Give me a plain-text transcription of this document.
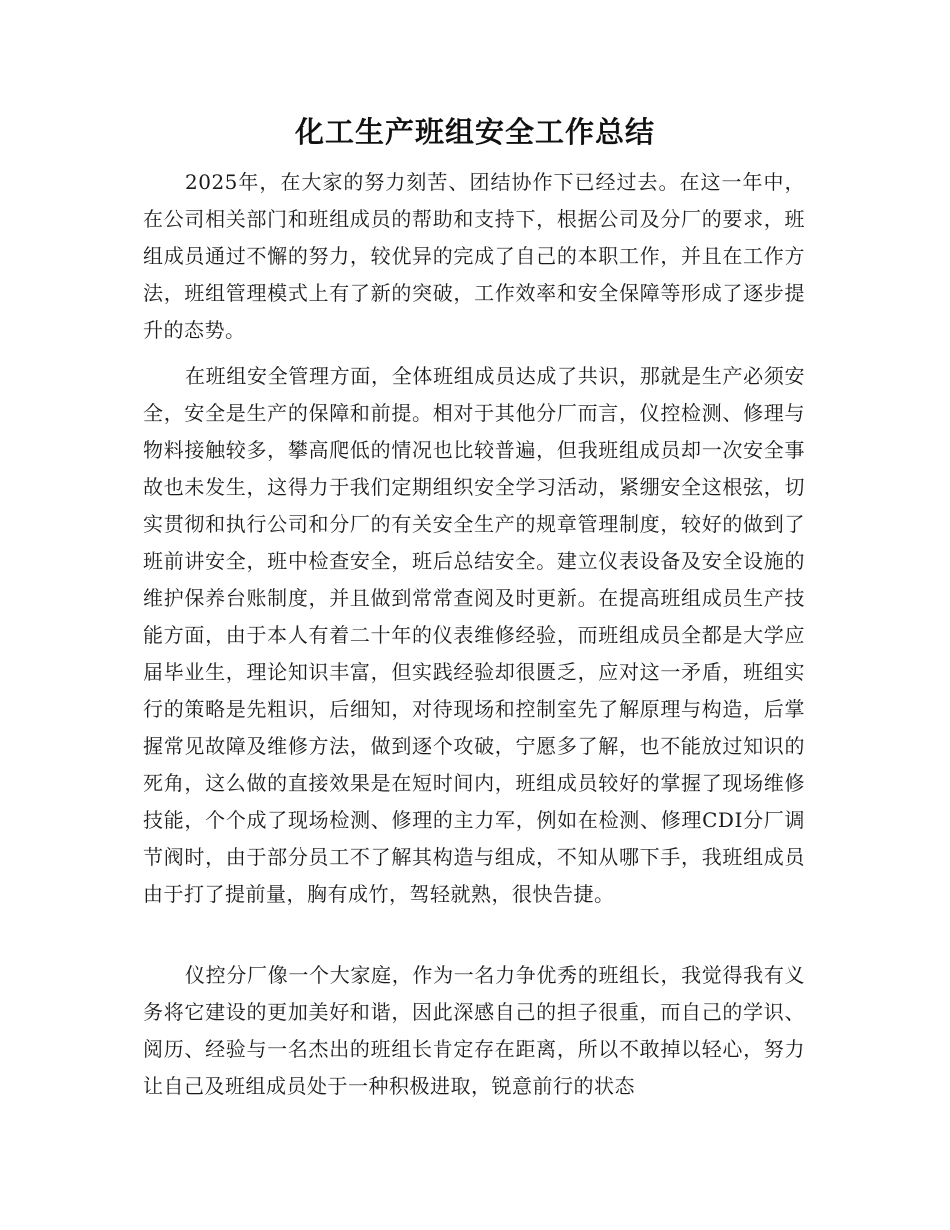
化工生产班组安全工作总结

2025年，在大家的努力刻苦、团结协作下已经过去。在这一年中，在公司相关部门和班组成员的帮助和支持下，根据公司及分厂的要求，班组成员通过不懈的努力，较优异的完成了自己的本职工作，并且在工作方法，班组管理模式上有了新的突破，工作效率和安全保障等形成了逐步提升的态势。

在班组安全管理方面，全体班组成员达成了共识，那就是生产必须安全，安全是生产的保障和前提。相对于其他分厂而言，仪控检测、修理与物料接触较多，攀高爬低的情况也比较普遍，但我班组成员却一次安全事故也未发生，这得力于我们定期组织安全学习活动，紧绷安全这根弦，切实贯彻和执行公司和分厂的有关安全生产的规章管理制度，较好的做到了班前讲安全，班中检查安全，班后总结安全。建立仪表设备及安全设施的维护保养台账制度，并且做到常常查阅及时更新。在提高班组成员生产技能方面，由于本人有着二十年的仪表维修经验，而班组成员全都是大学应届毕业生，理论知识丰富，但实践经验却很匮乏，应对这一矛盾，班组实行的策略是先粗识，后细知，对待现场和控制室先了解原理与构造，后掌握常见故障及维修方法，做到逐个攻破，宁愿多了解，也不能放过知识的死角，这么做的直接效果是在短时间内，班组成员较好的掌握了现场维修技能，个个成了现场检测、修理的主力军，例如在检测、修理CDI分厂调节阀时，由于部分员工不了解其构造与组成，不知从哪下手，我班组成员由于打了提前量，胸有成竹，驾轻就熟，很快告捷。

仪控分厂像一个大家庭，作为一名力争优秀的班组长，我觉得我有义务将它建设的更加美好和谐，因此深感自己的担子很重，而自己的学识、阅历、经验与一名杰出的班组长肯定存在距离，所以不敢掉以轻心，努力让自己及班组成员处于一种积极进取，锐意前行的状态
